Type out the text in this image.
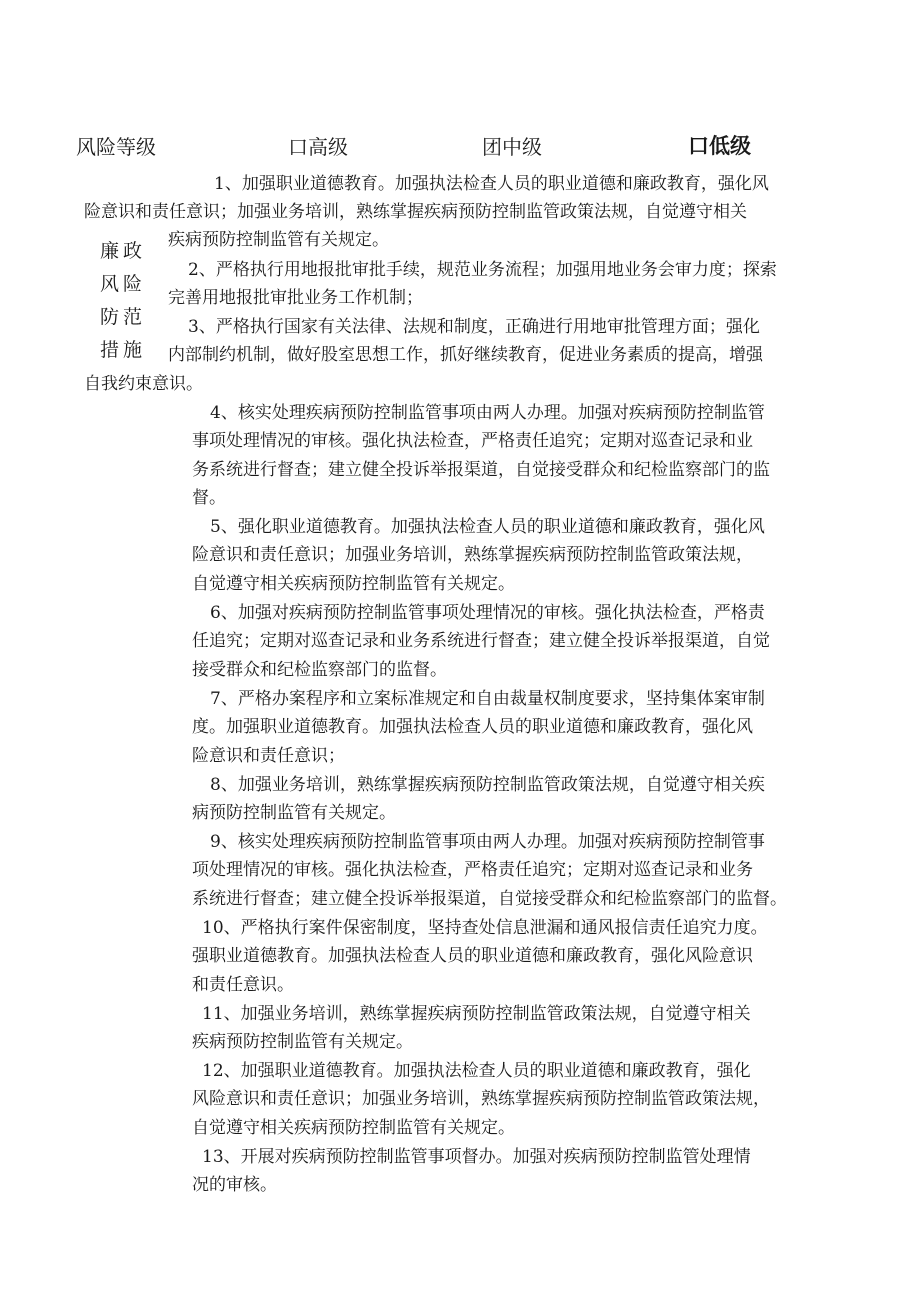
风险等级	口高级	团中级	口低级
廉政
风险
防范
措施
1、加强职业道德教育。加强执法检查人员的职业道德和廉政教育，强化风
险意识和责任意识；加强业务培训，熟练掌握疾病预防控制监管政策法规，自觉遵守相关
疾病预防控制监管有关规定。
2、严格执行用地报批审批手续，规范业务流程；加强用地业务会审力度；探索
完善用地报批审批业务工作机制；
3、严格执行国家有关法律、法规和制度，正确进行用地审批管理方面；强化
内部制约机制，做好股室思想工作，抓好继续教育，促进业务素质的提高，增强
自我约束意识。
4、核实处理疾病预防控制监管事项由两人办理。加强对疾病预防控制监管
事项处理情况的审核。强化执法检查，严格责任追究；定期对巡查记录和业
务系统进行督查；建立健全投诉举报渠道，自觉接受群众和纪检监察部门的监
督。
5、强化职业道德教育。加强执法检查人员的职业道德和廉政教育，强化风
险意识和责任意识；加强业务培训，熟练掌握疾病预防控制监管政策法规，
自觉遵守相关疾病预防控制监管有关规定。
6、加强对疾病预防控制监管事项处理情况的审核。强化执法检查，严格责
任追究；定期对巡查记录和业务系统进行督查；建立健全投诉举报渠道，自觉
接受群众和纪检监察部门的监督。
7、严格办案程序和立案标准规定和自由裁量权制度要求，坚持集体案审制
度。加强职业道德教育。加强执法检查人员的职业道德和廉政教育，强化风
险意识和责任意识；
8、加强业务培训，熟练掌握疾病预防控制监管政策法规，自觉遵守相关疾
病预防控制监管有关规定。
9、核实处理疾病预防控制监管事项由两人办理。加强对疾病预防控制管事
项处理情况的审核。强化执法检查，严格责任追究；定期对巡查记录和业务
系统进行督查；建立健全投诉举报渠道，自觉接受群众和纪检监察部门的监督。
10、严格执行案件保密制度，坚持查处信息泄漏和通风报信责任追究力度。
强职业道德教育。加强执法检查人员的职业道德和廉政教育，强化风险意识
和责任意识。
11、加强业务培训，熟练掌握疾病预防控制监管政策法规，自觉遵守相关
疾病预防控制监管有关规定。
12、加强职业道德教育。加强执法检查人员的职业道德和廉政教育，强化
风险意识和责任意识；加强业务培训，熟练掌握疾病预防控制监管政策法规，
自觉遵守相关疾病预防控制监管有关规定。
13、开展对疾病预防控制监管事项督办。加强对疾病预防控制监管处理情
况的审核。
